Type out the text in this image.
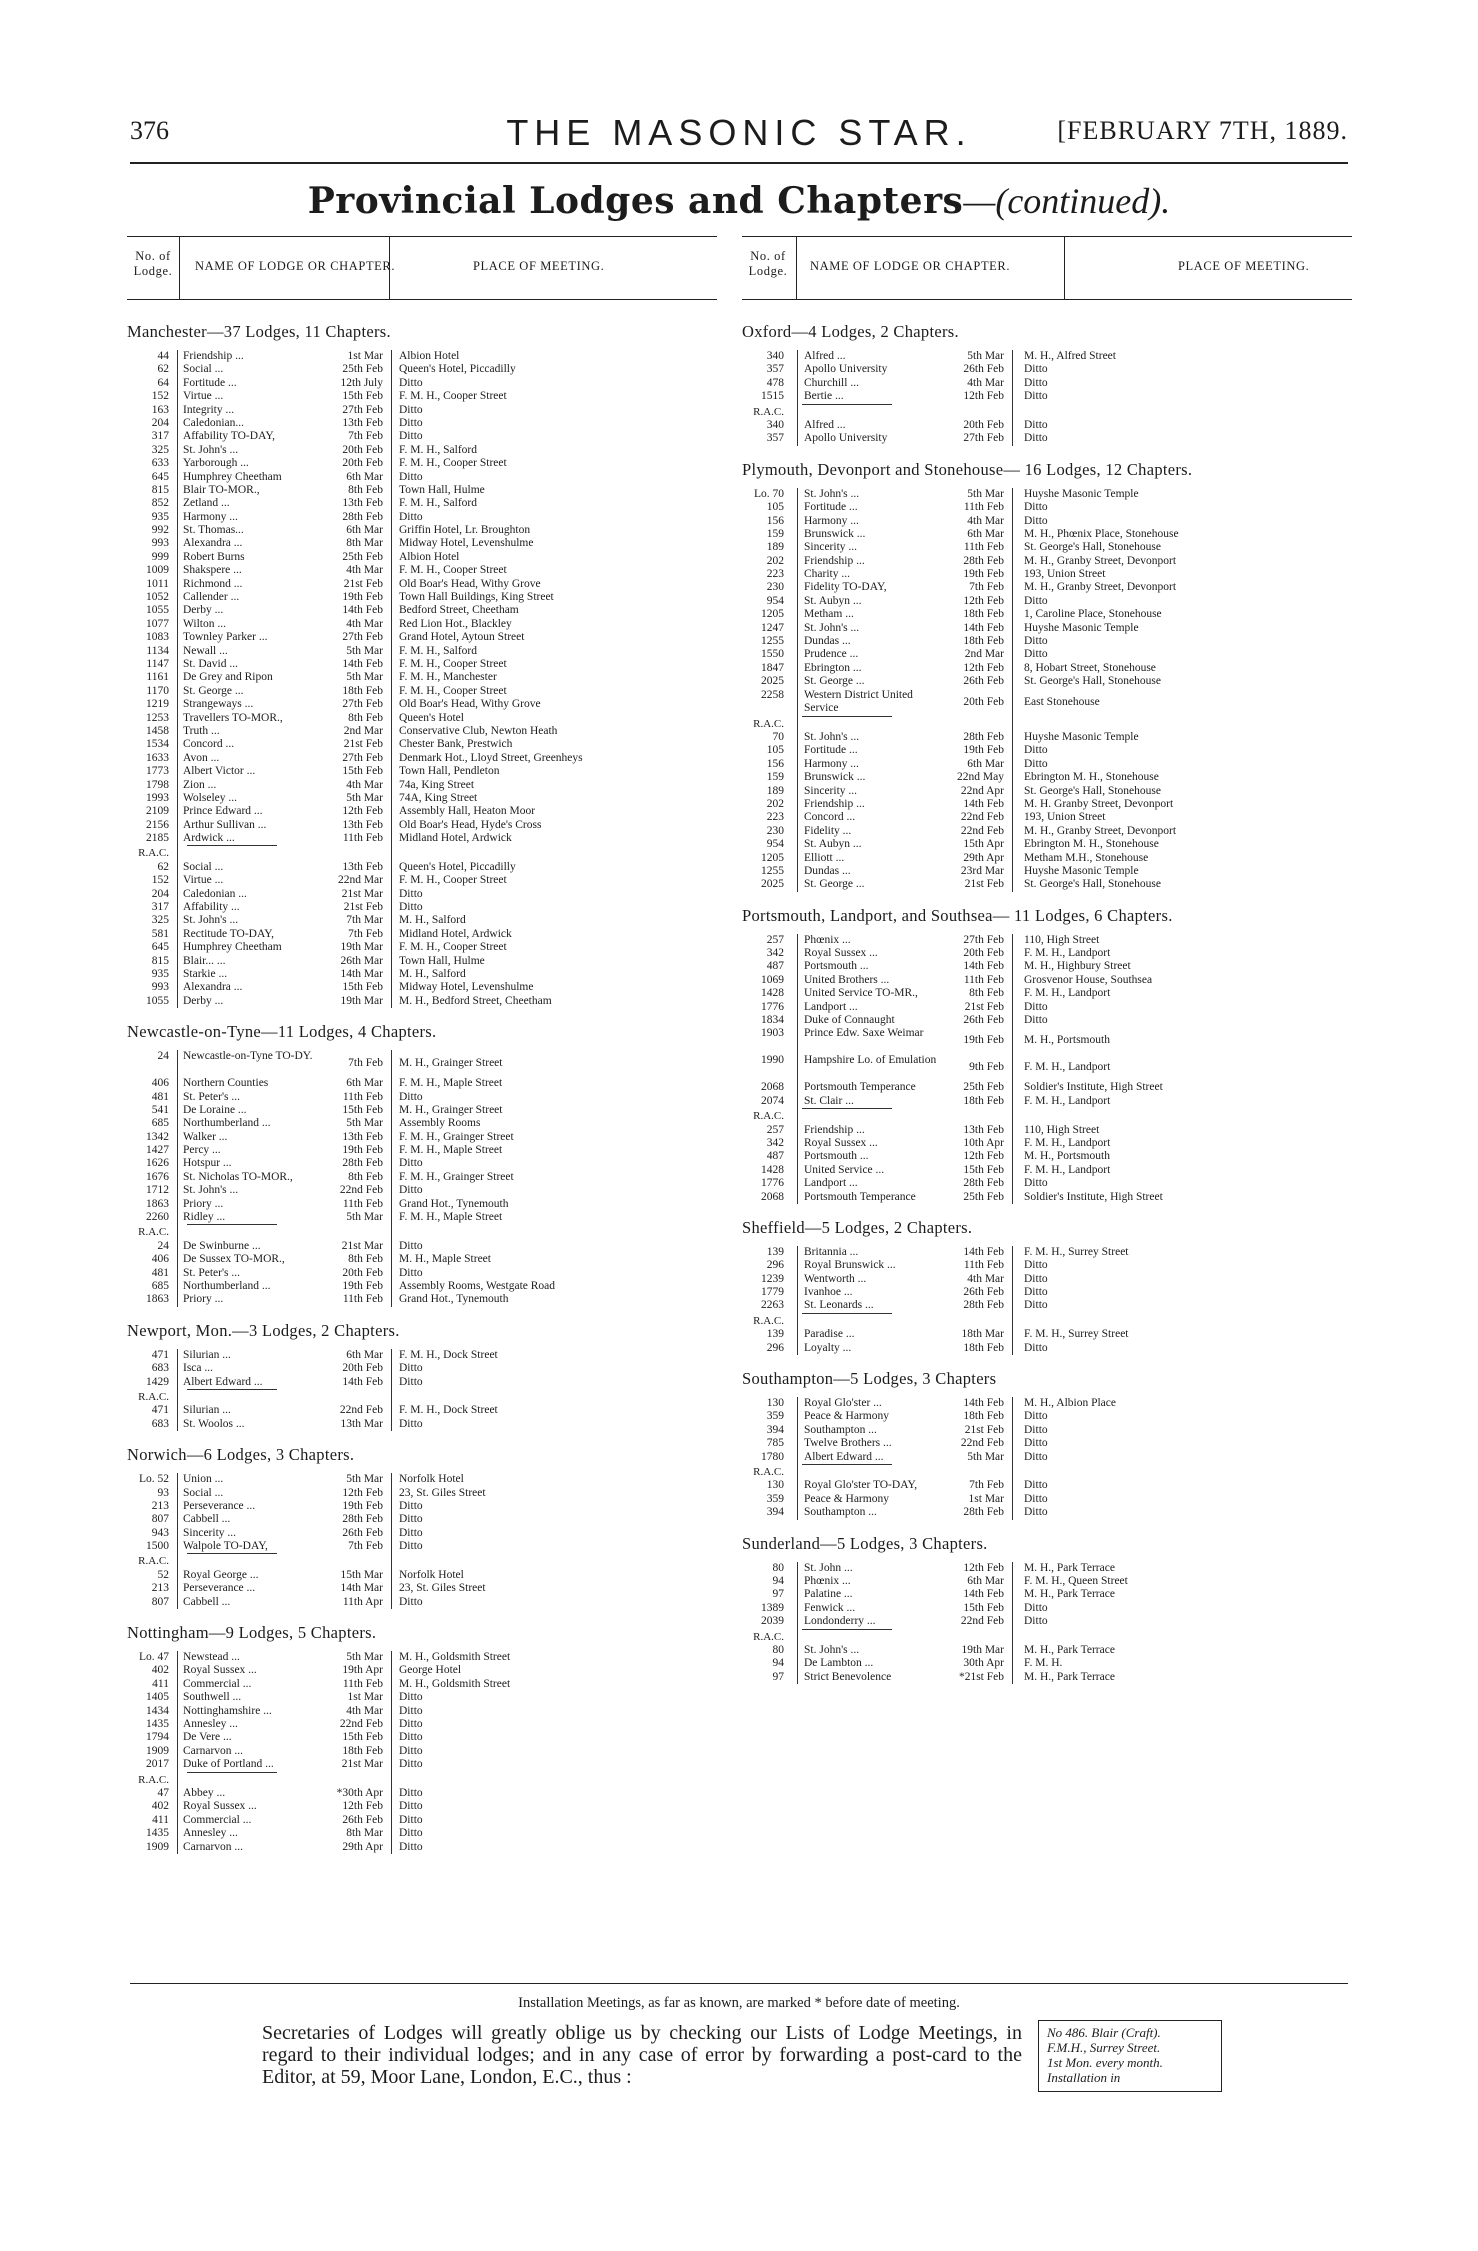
376	THE MASONIC STAR.	[FEBRUARY 7TH, 1889.
Provincial Lodges and Chapters—(continued).
No. of Lodge.	NAME OF LODGE OR CHAPTER.	PLACE OF MEETING.
Manchester—37 Lodges, 11 Chapters.
44 Friendship ...	1st Mar Albion Hotel
62 Social ...	25th Feb Queen's Hotel, Piccadilly
64 Fortitude ...	12th July Ditto
152 Virtue ...	15th Feb F. M. H., Cooper Street
163 Integrity ...	27th Feb Ditto
204 Caledonian...	13th Feb Ditto
317 Affability TO-DAY,	7th Feb Ditto
325 St. John's ...	20th Feb F. M. H., Salford
633 Yarborough ...	20th Feb F. M. H., Cooper Street
645 Humphrey Cheetham	6th Mar Ditto
815 Blair TO-MOR.,	8th Feb Town Hall, Hulme
852 Zetland ...	13th Feb F. M. H., Salford
935 Harmony ...	28th Feb Ditto
992 St. Thomas...	6th Mar Griffin Hotel, Lr. Broughton
993 Alexandra ...	8th Mar Midway Hotel, Levenshulme
999 Robert Burns	25th Feb Albion Hotel
1009 Shakspere ...	4th Mar F. M. H., Cooper Street
1011 Richmond ...	21st Feb Old Boar's Head, Withy Grove
1052 Callender ...	19th Feb Town Hall Buildings, King Street
1055 Derby ...	14th Feb Bedford Street, Cheetham
1077 Wilton ...	4th Mar Red Lion Hot., Blackley
1083 Townley Parker ...	27th Feb Grand Hotel, Aytoun Street
1134 Newall ...	5th Mar F. M. H., Salford
1147 St. David ...	14th Feb F. M. H., Cooper Street
1161 De Grey and Ripon	5th Mar F. M. H., Manchester
1170 St. George ...	18th Feb F. M. H., Cooper Street
1219 Strangeways ...	27th Feb Old Boar's Head, Withy Grove
1253 Travellers TO-MOR.,	8th Feb Queen's Hotel
1458 Truth ...	2nd Mar Conservative Club, Newton Heath
1534 Concord ...	21st Feb Chester Bank, Prestwich
1633 Avon ...	27th Feb Denmark Hot., Lloyd Street, Greenheys
1773 Albert Victor ...	15th Feb Town Hall, Pendleton
1798 Zion ...	4th Mar 74a, King Street
1993 Wolseley ...	5th Mar 74A, King Street
2109 Prince Edward ...	12th Feb Assembly Hall, Heaton Moor
2156 Arthur Sullivan ...	13th Feb Old Boar's Head, Hyde's Cross
2185 Ardwick ...	11th Feb Midland Hotel, Ardwick
R.A.C.
62 Social ...	13th Feb Queen's Hotel, Piccadilly
152 Virtue ...	22nd Mar F. M. H., Cooper Street
204 Caledonian ...	21st Mar Ditto
317 Affability ...	21st Feb Ditto
325 St. John's ...	7th Mar M. H., Salford
581 Rectitude TO-DAY,	7th Feb Midland Hotel, Ardwick
645 Humphrey Cheetham	19th Mar F. M. H., Cooper Street
815 Blair... ...	26th Mar Town Hall, Hulme
935 Starkie ...	14th Mar M. H., Salford
993 Alexandra ...	15th Feb Midway Hotel, Levenshulme
1055 Derby ...	19th Mar M. H., Bedford Street, Cheetham
Newcastle-on-Tyne—11 Lodges, 4 Chapters.
24 Newcastle-on-Tyne TO-DY.
7th Feb M. H., Grainger Street
406 Northern Counties	6th Mar F. M. H., Maple Street
481 St. Peter's ...	11th Feb Ditto
541 De Loraine ...	15th Feb M. H., Grainger Street
685 Northumberland ...	5th Mar Assembly Rooms
1342 Walker ...	13th Feb F. M. H., Grainger Street
1427 Percy ...	19th Feb F. M. H., Maple Street
1626 Hotspur ...	28th Feb Ditto
1676 St. Nicholas TO-MOR.,	8th Feb F. M. H., Grainger Street
1712 St. John's ...	22nd Feb Ditto
1863 Priory ...	11th Feb Grand Hot., Tynemouth
2260 Ridley ...	5th Mar F. M. H., Maple Street
R.A.C.
24 De Swinburne ...	21st Mar Ditto
406 De Sussex TO-MOR.,	8th Feb M. H., Maple Street
481 St. Peter's ...	20th Feb Ditto
685 Northumberland ...	19th Feb Assembly Rooms, Westgate Road
1863 Priory ...	11th Feb Grand Hot., Tynemouth
Newport, Mon.—3 Lodges, 2 Chapters.
471 Silurian ...	6th Mar F. M. H., Dock Street
683 Isca ...	20th Feb Ditto
1429 Albert Edward ...	14th Feb Ditto
R.A.C.
471 Silurian ...	22nd Feb F. M. H., Dock Street
683 St. Woolos ...	13th Mar Ditto
Norwich—6 Lodges, 3 Chapters.
Lo. 52 Union ...	5th Mar Norfolk Hotel
93 Social ...	12th Feb 23, St. Giles Street
213 Perseverance ...	19th Feb Ditto
807 Cabbell ...	28th Feb Ditto
943 Sincerity ...	26th Feb Ditto
1500 Walpole TO-DAY,	7th Feb Ditto
R.A.C.
52 Royal George ...	15th Mar Norfolk Hotel
213 Perseverance ...	14th Mar 23, St. Giles Street
807 Cabbell ...	11th Apr Ditto
Nottingham—9 Lodges, 5 Chapters.
Lo. 47 Newstead ...	5th Mar M. H., Goldsmith Street
402 Royal Sussex ...	19th Apr George Hotel
411 Commercial ...	11th Feb M. H., Goldsmith Street
1405 Southwell ...	1st Mar Ditto
1434 Nottinghamshire ...	4th Mar Ditto
1435 Annesley ...	22nd Feb Ditto
1794 De Vere ...	15th Feb Ditto
1909 Carnarvon ...	18th Feb Ditto
2017 Duke of Portland ...	21st Mar Ditto
R.A.C.
47 Abbey ...	*30th Apr Ditto
402 Royal Sussex ...	12th Feb Ditto
411 Commercial ...	26th Feb Ditto
1435 Annesley ...	8th Mar Ditto
1909 Carnarvon ...	29th Apr Ditto
No. of Lodge.	NAME OF LODGE OR CHAPTER.	PLACE OF MEETING.
Oxford—4 Lodges, 2 Chapters.
340 Alfred ...	5th Mar M. H., Alfred Street
357 Apollo University	26th Feb Ditto
478 Churchill ...	4th Mar Ditto
1515 Bertie ...	12th Feb Ditto
R.A.C.
340 Alfred ...	20th Feb Ditto
357 Apollo University	27th Feb Ditto
Plymouth, Devonport and Stonehouse— 16 Lodges, 12 Chapters.
Lo. 70 St. John's ...	5th Mar Huyshe Masonic Temple
105 Fortitude ...	11th Feb Ditto
156 Harmony ...	4th Mar Ditto
159 Brunswick ...	6th Mar M. H., Phœnix Place, Stonehouse
189 Sincerity ...	11th Feb St. George's Hall, Stonehouse
202 Friendship ...	28th Feb M. H., Granby Street, Devonport
223 Charity ...	19th Feb 193, Union Street
230 Fidelity TO-DAY,	7th Feb M. H., Granby Street, Devonport
954 St. Aubyn ...	12th Feb Ditto
1205 Metham ...	18th Feb 1, Caroline Place, Stonehouse
1247 St. John's ...	14th Feb Huyshe Masonic Temple
1255 Dundas ...	18th Feb Ditto
1550 Prudence ...	2nd Mar Ditto
1847 Ebrington ...	12th Feb 8, Hobart Street, Stonehouse
2025 St. George ...	26th Feb St. George's Hall, Stonehouse
2258 Western District United Service
20th Feb East Stonehouse
R.A.C.
70 St. John's ...	28th Feb Huyshe Masonic Temple
105 Fortitude ...	19th Feb Ditto
156 Harmony ...	6th Mar Ditto
159 Brunswick ...	22nd May Ebrington M. H., Stonehouse
189 Sincerity ...	22nd Apr St. George's Hall, Stonehouse
202 Friendship ...	14th Feb M. H. Granby Street, Devonport
223 Concord ...	22nd Feb 193, Union Street
230 Fidelity ...	22nd Feb M. H., Granby Street, Devonport
954 St. Aubyn ...	15th Apr Ebrington M. H., Stonehouse
1205 Elliott ...	29th Apr Metham M.H., Stonehouse
1255 Dundas ...	23rd Mar Huyshe Masonic Temple
2025 St. George ...	21st Feb St. George's Hall, Stonehouse
Portsmouth, Landport, and Southsea— 11 Lodges, 6 Chapters.
257 Phœnix ...	27th Feb 110, High Street
342 Royal Sussex ...	20th Feb F. M. H., Landport
487 Portsmouth ...	14th Feb M. H., Highbury Street
1069 United Brothers ...	11th Feb Grosvenor House, Southsea
1428 United Service TO-MR.,	8th Feb F. M. H., Landport
1776 Landport ...	21st Feb Ditto
1834 Duke of Connaught	26th Feb Ditto
1903 Prince Edw. Saxe Weimar
19th Feb M. H., Portsmouth
1990 Hampshire Lo. of Emulation
9th Feb F. M. H., Landport
2068 Portsmouth Temperance	25th Feb Soldier's Institute, High Street
2074 St. Clair ...	18th Feb F. M. H., Landport
R.A.C.
257 Friendship ...	13th Feb 110, High Street
342 Royal Sussex ...	10th Apr F. M. H., Landport
487 Portsmouth ...	12th Feb M. H., Portsmouth
1428 United Service ...	15th Feb F. M. H., Landport
1776 Landport ...	28th Feb Ditto
2068 Portsmouth Temperance	25th Feb Soldier's Institute, High Street
Sheffield—5 Lodges, 2 Chapters.
139 Britannia ...	14th Feb F. M. H., Surrey Street
296 Royal Brunswick ...	11th Feb Ditto
1239 Wentworth ...	4th Mar Ditto
1779 Ivanhoe ...	26th Feb Ditto
2263 St. Leonards ...	28th Feb Ditto
R.A.C.
139 Paradise ...	18th Mar F. M. H., Surrey Street
296 Loyalty ...	18th Feb Ditto
Southampton—5 Lodges, 3 Chapters
130 Royal Glo'ster ...	14th Feb M. H., Albion Place
359 Peace & Harmony	18th Feb Ditto
394 Southampton ...	21st Feb Ditto
785 Twelve Brothers ...	22nd Feb Ditto
1780 Albert Edward ...	5th Mar Ditto
R.A.C.
130 Royal Glo'ster TO-DAY,	7th Feb Ditto
359 Peace & Harmony	1st Mar Ditto
394 Southampton ...	28th Feb Ditto
Sunderland—5 Lodges, 3 Chapters.
80 St. John ...	12th Feb M. H., Park Terrace
94 Phœnix ...	6th Mar F. M. H., Queen Street
97 Palatine ...	14th Feb M. H., Park Terrace
1389 Fenwick ...	15th Feb Ditto
2039 Londonderry ...	22nd Feb Ditto
R.A.C.
80 St. John's ...	19th Mar M. H., Park Terrace
94 De Lambton ...	30th Apr F. M. H.
97 Strict Benevolence	*21st Feb M. H., Park Terrace
Installation Meetings, as far as known, are marked * before date of meeting.
Secretaries of Lodges will greatly oblige us by checking our Lists of Lodge Meetings, in regard to their individual lodges; and in any case of error by forwarding a post-card to the Editor, at 59, Moor Lane, London, E.C., thus :
No 486. Blair (Craft).
F.M.H., Surrey Street.
1st Mon. every month.
Installation in
